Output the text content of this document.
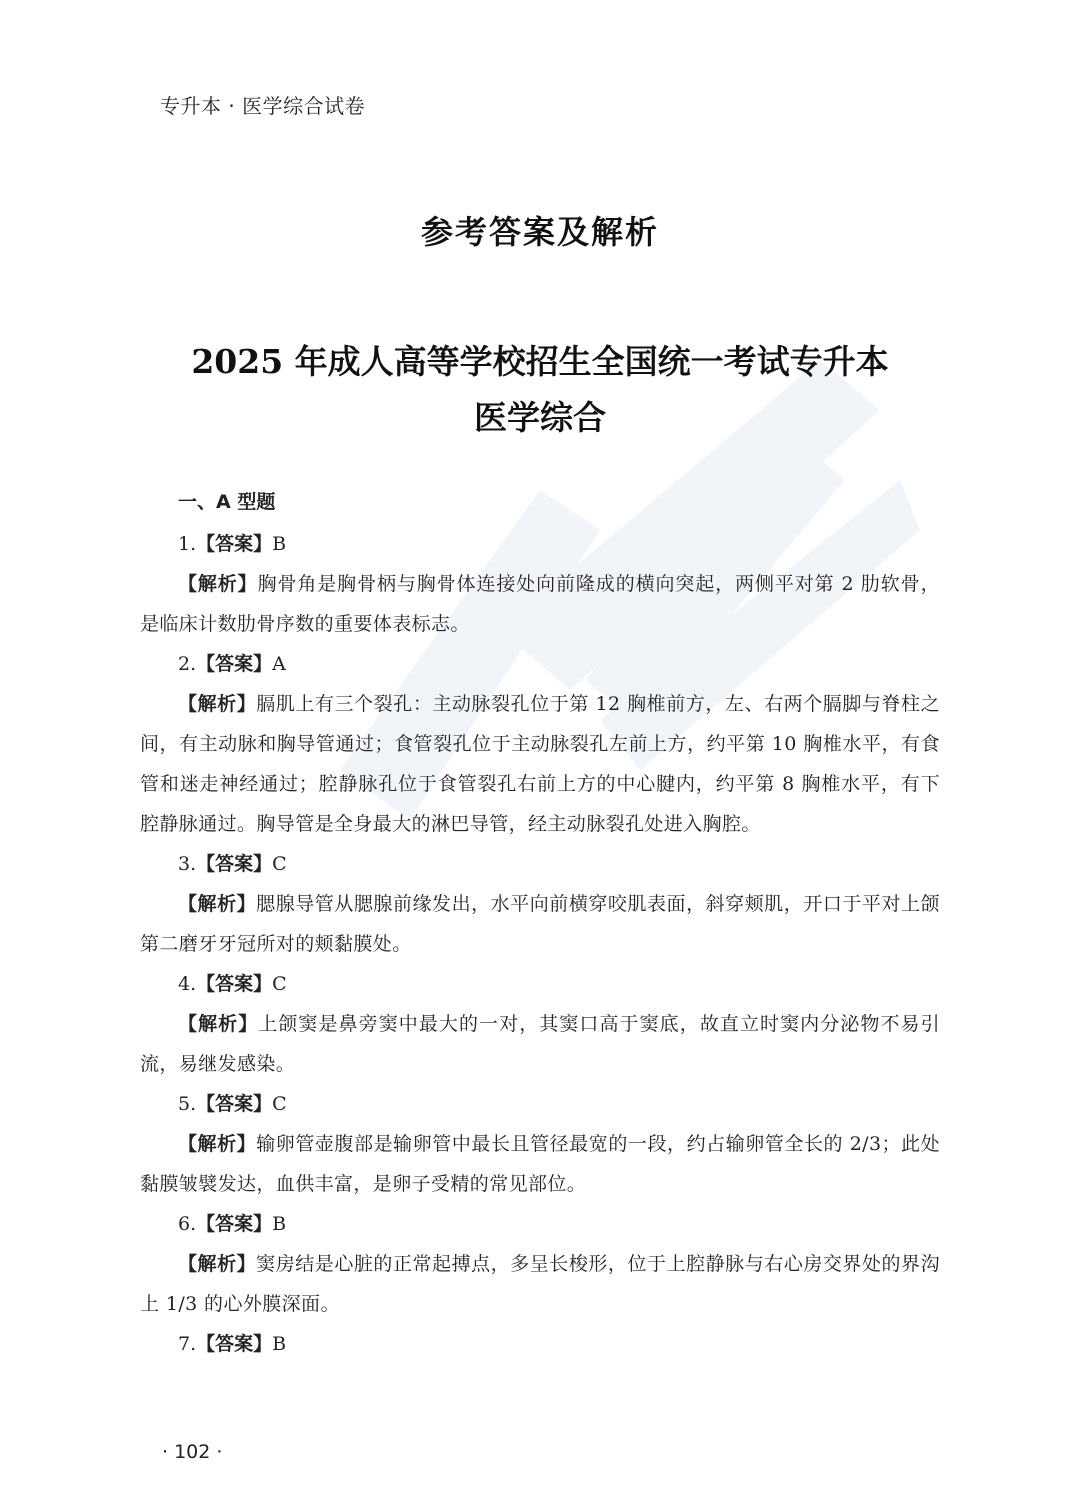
专升本 · 医学综合试卷
参考答案及解析
2025 年成人高等学校招生全国统一考试专升本
医学综合
一、A 型题
1.【答案】B
【解析】胸骨角是胸骨柄与胸骨体连接处向前隆成的横向突起，两侧平对第 2 肋软骨，是临床计数肋骨序数的重要体表标志。
2.【答案】A
【解析】膈肌上有三个裂孔：主动脉裂孔位于第 12 胸椎前方，左、右两个膈脚与脊柱之间，有主动脉和胸导管通过；食管裂孔位于主动脉裂孔左前上方，约平第 10 胸椎水平，有食管和迷走神经通过；腔静脉孔位于食管裂孔右前上方的中心腱内，约平第 8 胸椎水平，有下腔静脉通过。胸导管是全身最大的淋巴导管，经主动脉裂孔处进入胸腔。
3.【答案】C
【解析】腮腺导管从腮腺前缘发出，水平向前横穿咬肌表面，斜穿颊肌，开口于平对上颌第二磨牙牙冠所对的颊黏膜处。
4.【答案】C
【解析】上颌窦是鼻旁窦中最大的一对，其窦口高于窦底，故直立时窦内分泌物不易引流，易继发感染。
5.【答案】C
【解析】输卵管壶腹部是输卵管中最长且管径最宽的一段，约占输卵管全长的 2/3；此处黏膜皱襞发达，血供丰富，是卵子受精的常见部位。
6.【答案】B
【解析】窦房结是心脏的正常起搏点，多呈长梭形，位于上腔静脉与右心房交界处的界沟上 1/3 的心外膜深面。
7.【答案】B
· 102 ·
